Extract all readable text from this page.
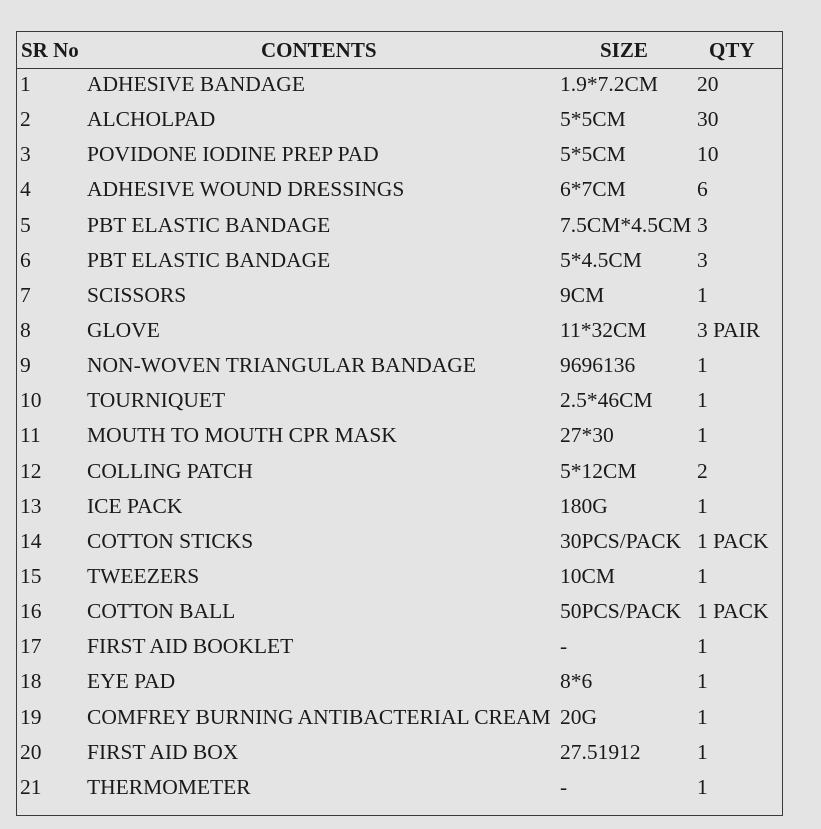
SR No	CONTENTS	SIZE	QTY
1	ADHESIVE BANDAGE	1.9*7.2CM 20
2	ALCHOLPAD	5*5CM	30
3	POVIDONE IODINE PREP PAD	5*5CM	10
4	ADHESIVE WOUND DRESSINGS	6*7CM	6
5	PBT ELASTIC BANDAGE	7.5CM*4.5CM 3
6	PBT ELASTIC BANDAGE	5*4.5CM	3
7	SCISSORS	9CM	1
8	GLOVE	11*32CM 3 PAIR
9	NON-WOVEN TRIANGULAR BANDAGE	9696136	1
10 TOURNIQUET	2.5*46CM 1
11 MOUTH TO MOUTH CPR MASK	27*30	1
12 COLLING PATCH	5*12CM	2
13 ICE PACK	180G	1
14 COTTON STICKS	30PCS/PACK 1 PACK
15 TWEEZERS	10CM	1
16 COTTON BALL	50PCS/PACK 1 PACK
17 FIRST AID BOOKLET	-	1
18 EYE PAD	8*6	1
19 COMFREY BURNING ANTIBACTERIAL CREAM 20G	1
20 FIRST AID BOX	27.51912	1
21 THERMOMETER	-	1
